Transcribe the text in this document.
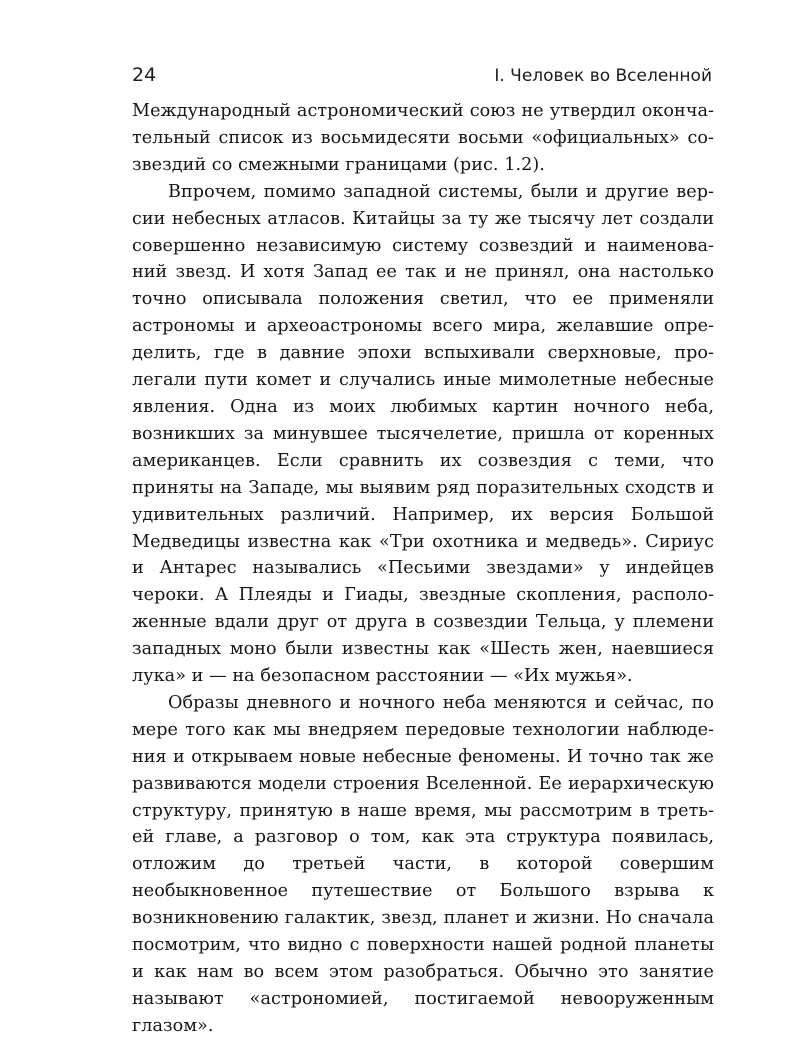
24	I. Человек во Вселенной

Международный астрономический союз не утвердил окончательный список из восьмидесяти восьми «официальных» созвездий со смежными границами (рис. 1.2).

Впрочем, помимо западной системы, были и другие версии небесных атласов. Китайцы за ту же тысячу лет создали совершенно независимую систему созвездий и наименований звезд. И хотя Запад ее так и не принял, она настолько точно описывала положения светил, что ее применяли астрономы и археоастрономы всего мира, желавшие определить, где в давние эпохи вспыхивали сверхновые, пролегали пути комет и случались иные мимолетные небесные явления. Одна из моих любимых картин ночного неба, возникших за минувшее тысячелетие, пришла от коренных американцев. Если сравнить их созвездия с теми, что приняты на Западе, мы выявим ряд поразительных сходств и удивительных различий. Например, их версия Большой Медведицы известна как «Три охотника и медведь». Сириус и Антарес назывались «Песьими звездами» у индейцев чероки. А Плеяды и Гиады, звездные скопления, расположенные вдали друг от друга в созвездии Тельца, у племени западных моно были известны как «Шесть жен, наевшиеся лука» и — на безопасном расстоянии — «Их мужья».

Образы дневного и ночного неба меняются и сейчас, по мере того как мы внедряем передовые технологии наблюдения и открываем новые небесные феномены. И точно так же развиваются модели строения Вселенной. Ее иерархическую структуру, принятую в наше время, мы рассмотрим в третьей главе, а разговор о том, как эта структура появилась, отложим до третьей части, в которой совершим необыкновенное путешествие от Большого взрыва к возникновению галактик, звезд, планет и жизни. Но сначала посмотрим, что видно с поверхности нашей родной планеты и как нам во всем этом разобраться. Обычно это занятие называют «астрономией, постигаемой невооруженным глазом».
